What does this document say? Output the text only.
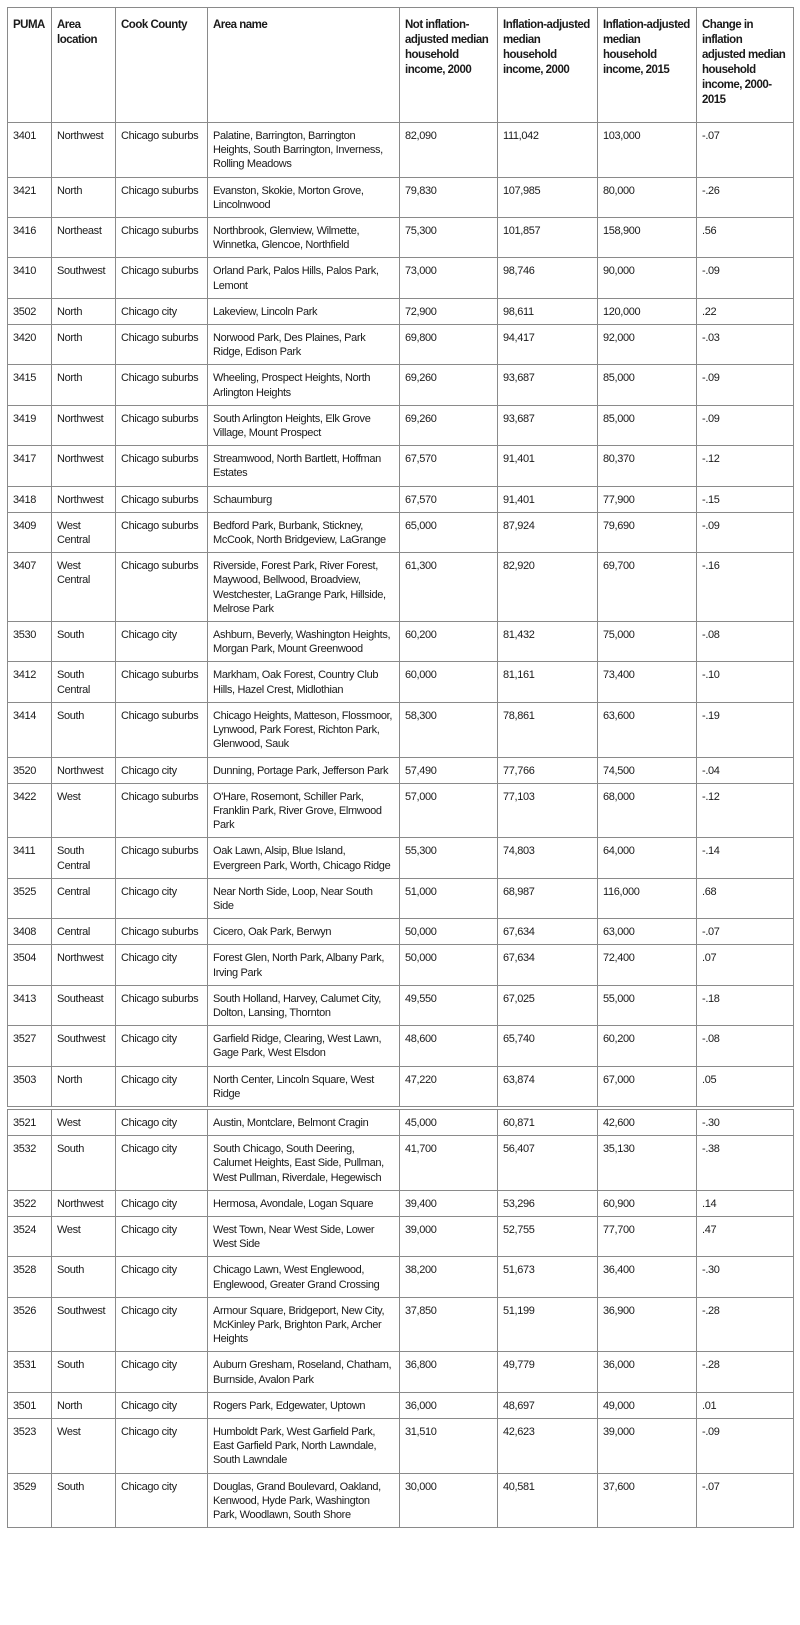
PUMA	Area location	Cook County	Area name	Not inflation-adjusted median household income, 2000	Inflation-adjusted median household income, 2000	Inflation-adjusted median household income, 2015	Change in inflation adjusted median household income, 2000-2015
3401	Northwest	Chicago suburbs	Palatine, Barrington, Barrington Heights, South Barrington, Inverness, Rolling Meadows	82,090	111,042	103,000	-.07
3421	North	Chicago suburbs	Evanston, Skokie, Morton Grove, Lincolnwood	79,830	107,985	80,000	-.26
3416	Northeast	Chicago suburbs	Northbrook, Glenview, Wilmette, Winnetka, Glencoe, Northfield	75,300	101,857	158,900	.56
3410	Southwest	Chicago suburbs	Orland Park, Palos Hills, Palos Park, Lemont	73,000	98,746	90,000	-.09
3502	North	Chicago city	Lakeview, Lincoln Park	72,900	98,611	120,000	.22
3420	North	Chicago suburbs	Norwood Park, Des Plaines, Park Ridge, Edison Park	69,800	94,417	92,000	-.03
3415	North	Chicago suburbs	Wheeling, Prospect Heights, North Arlington Heights	69,260	93,687	85,000	-.09
3419	Northwest	Chicago suburbs	South Arlington Heights, Elk Grove Village, Mount Prospect	69,260	93,687	85,000	-.09
3417	Northwest	Chicago suburbs	Streamwood, North Bartlett, Hoffman Estates	67,570	91,401	80,370	-.12
3418	Northwest	Chicago suburbs	Schaumburg	67,570	91,401	77,900	-.15
3409	West Central	Chicago suburbs	Bedford Park, Burbank, Stickney, McCook, North Bridgeview, LaGrange	65,000	87,924	79,690	-.09
3407	West Central	Chicago suburbs	Riverside, Forest Park, River Forest, Maywood, Bellwood, Broadview, Westchester, LaGrange Park, Hillside, Melrose Park	61,300	82,920	69,700	-.16
3530	South	Chicago city	Ashburn, Beverly, Washington Heights, Morgan Park, Mount Greenwood	60,200	81,432	75,000	-.08
3412	South Central	Chicago suburbs	Markham, Oak Forest, Country Club Hills, Hazel Crest, Midlothian	60,000	81,161	73,400	-.10
3414	South	Chicago suburbs	Chicago Heights, Matteson, Flossmoor, Lynwood, Park Forest, Richton Park, Glenwood, Sauk	58,300	78,861	63,600	-.19
3520	Northwest	Chicago city	Dunning, Portage Park, Jefferson Park	57,490	77,766	74,500	-.04
3422	West	Chicago suburbs	O'Hare, Rosemont, Schiller Park, Franklin Park, River Grove, Elmwood Park	57,000	77,103	68,000	-.12
3411	South Central	Chicago suburbs	Oak Lawn, Alsip, Blue Island, Evergreen Park, Worth, Chicago Ridge	55,300	74,803	64,000	-.14
3525	Central	Chicago city	Near North Side, Loop, Near South Side	51,000	68,987	116,000	.68
3408	Central	Chicago suburbs	Cicero, Oak Park, Berwyn	50,000	67,634	63,000	-.07
3504	Northwest	Chicago city	Forest Glen, North Park, Albany Park, Irving Park	50,000	67,634	72,400	.07
3413	Southeast	Chicago suburbs	South Holland, Harvey, Calumet City, Dolton, Lansing, Thornton	49,550	67,025	55,000	-.18
3527	Southwest	Chicago city	Garfield Ridge, Clearing, West Lawn, Gage Park, West Elsdon	48,600	65,740	60,200	-.08
3503	North	Chicago city	North Center, Lincoln Square, West Ridge	47,220	63,874	67,000	.05
3521	West	Chicago city	Austin, Montclare, Belmont Cragin	45,000	60,871	42,600	-.30
3532	South	Chicago city	South Chicago, South Deering, Calumet Heights, East Side, Pullman, West Pullman, Riverdale, Hegewisch	41,700	56,407	35,130	-.38
3522	Northwest	Chicago city	Hermosa, Avondale, Logan Square	39,400	53,296	60,900	.14
3524	West	Chicago city	West Town, Near West Side, Lower West Side	39,000	52,755	77,700	.47
3528	South	Chicago city	Chicago Lawn, West Englewood, Englewood, Greater Grand Crossing	38,200	51,673	36,400	-.30
3526	Southwest	Chicago city	Armour Square, Bridgeport, New City, McKinley Park, Brighton Park, Archer Heights	37,850	51,199	36,900	-.28
3531	South	Chicago city	Auburn Gresham, Roseland, Chatham, Burnside, Avalon Park	36,800	49,779	36,000	-.28
3501	North	Chicago city	Rogers Park, Edgewater, Uptown	36,000	48,697	49,000	.01
3523	West	Chicago city	Humboldt Park, West Garfield Park, East Garfield Park, North Lawndale, South Lawndale	31,510	42,623	39,000	-.09
3529	South	Chicago city	Douglas, Grand Boulevard, Oakland, Kenwood, Hyde Park, Washington Park, Woodlawn, South Shore	30,000	40,581	37,600	-.07
